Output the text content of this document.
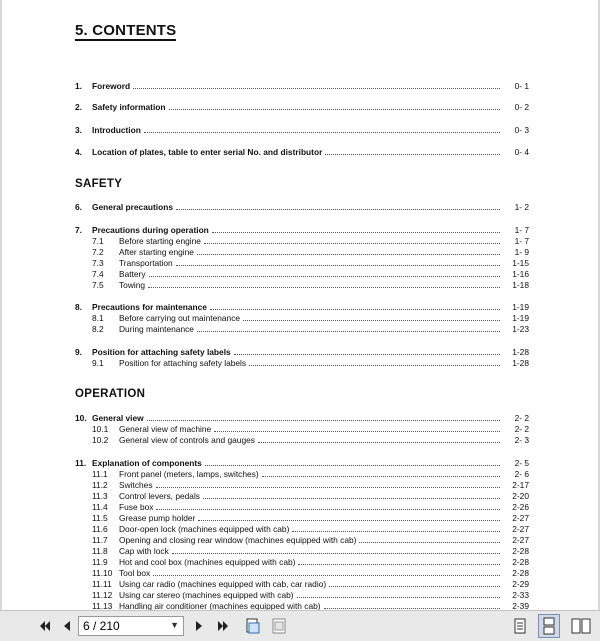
5. CONTENTS
1.	Foreword	0- 1
2.	Safety information	0- 2
3.	Introduction	0- 3
4.	Location of plates, table to enter serial No. and distributor	0- 4
SAFETY
6.	General precautions	1- 2
7.	Precautions during operation	1- 7
7.1	Before starting engine	1- 7
7.2	After starting engine	1- 9
7.3	Transportation	1-15
7.4	Battery	1-16
7.5	Towing	1-18
8.	Precautions for maintenance	1-19
8.1	Before carrying out maintenance	1-19
8.2	During maintenance	1-23
9.	Position for attaching safety labels	1-28
9.1	Position for attaching safety labels	1-28
OPERATION
10. General view	2- 2
10.1	General view of machine	2- 2
10.2	General view of controls and gauges	2- 3
11. Explanation of components	2- 5
11.1	Front panel (meters, lamps, switches)	2- 6
11.2	Switches	2-17
11.3	Control levers, pedals	2-20
11.4	Fuse box	2-26
11.5	Grease pump holder	2-27
11.6	Door-open lock (machines equipped with cab)	2-27
11.7	Opening and closing rear window (machines equipped with cab)	2-27
11.8	Cap with lock	2-28
11.9	Hot and cool box (machines equipped with cab)	2-28
11.10 Tool box	2-28
11.11 Using car radio (machines equipped with cab, car radio)	2-29
11.12 Using car stereo (machines equipped with cab)	2-33
11.13 Handling air conditioner (machines equipped with cab)	2-39
6 / 210	▼
